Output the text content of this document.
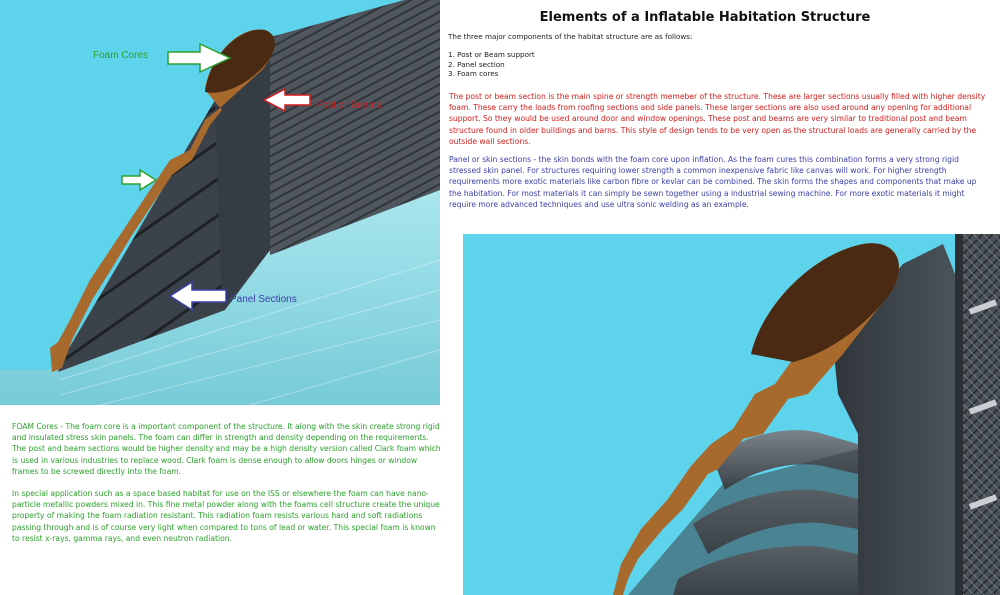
Elements of a Inflatable Habitation Structure
The three major components of the habitat structure are as follows:
1. Post or Beam support
2. Panel section
3. Foam cores

The post or beam section is the main spine or strength memeber of the structure. These are larger sections usually filled with higher density foam. These carry the loads from roofing sections and side panels. These larger sections are also used around any opening for additional support. So they would be used around door and window openings. These post and beams are very similar to traditional post and beam structure found in older buildings and barns. This style of design tends to be very open as the structural loads are generally carried by the outside wall sections.

Panel or skin sections - the skin bonds with the foam core upon inflation. As the foam cures this combination forms a very strong rigid stressed skin panel. For structures requiring lower strength a common inexpensive fabric like canvas will work. For higher strength requirements more exotic materials like carbon fibre or kevlar can be combined. The skin forms the shapes and components that make up the habitation. For most materials it can simply be sewn together using a industrial sewing machine. For more exotic materials it might require more advanced techniques and use ultra sonic welding as an example.

FOAM Cores - The foam core is a important component of the structure. It along with the skin create strong rigid and insulated stress skin panels. The foam can differ in strength and density depending on the requirements. The post and beam sections would be higher density and may be a high density version called Clark foam which is used in various industries to replace wood. Clark foam is dense enough to allow doors hinges or window frames to be screwed directly into the foam.

In special application such as a space based habitat for use on the ISS or elsewhere the foam can have nano-particle metallic powders mixed in. This fine metal powder along with the foams cell structure create the unique property of making the foam radiation resistant. This radiation foam resists various hard and soft radiations passing through and is of course very light when compared to tons of lead or water. This special foam is known to resist x-rays, gamma rays, and even neutron radiation.

Foam Cores
Post or Beams
Panel Sections
